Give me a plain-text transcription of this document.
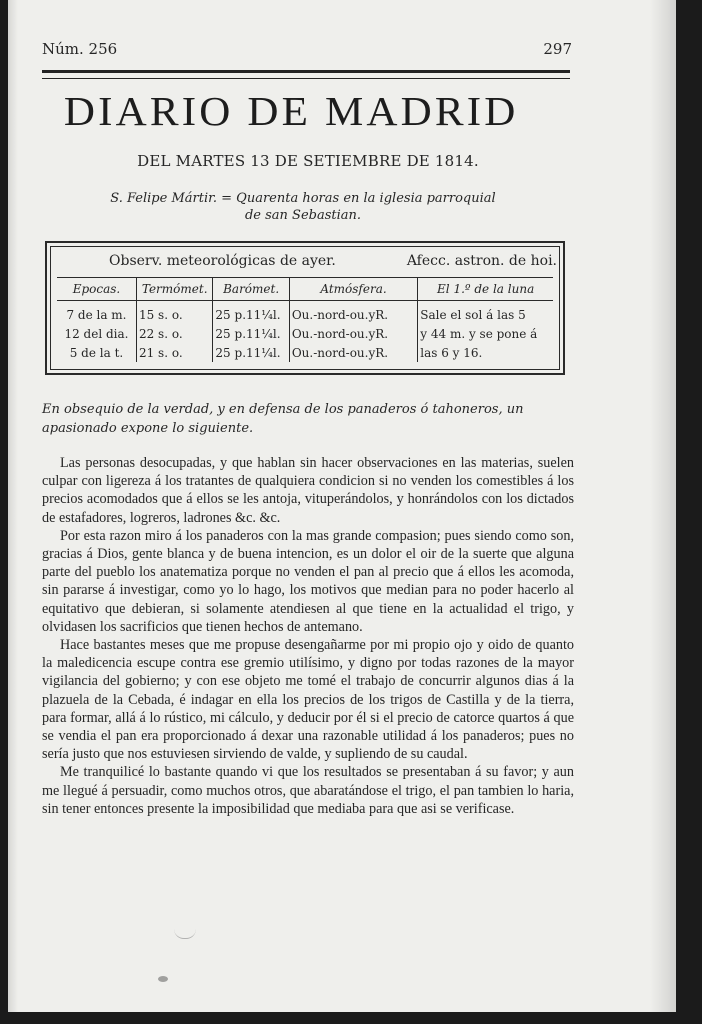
Núm. 256	297
DIARIO DE MADRID
DEL MARTES 13 DE SETIEMBRE DE 1814.
S. Felipe Mártir. = Quarenta horas en la iglesia parroquial
de san Sebastian.
Observ. meteorológicas de ayer.	Afecc. astron. de hoi.
Epocas.	Termómet.	Barómet.	Atmósfera.	El 1.º de la luna
7 de la m.	15 s. o.	25 p.11¼l.	Ou.-nord-ou.yR.	Sale el sol á las 5
12 del dia.	22 s. o.	25 p.11¼l.	Ou.-nord-ou.yR.	y 44 m. y se pone á
5 de la t.	21 s. o.	25 p.11¼l.	Ou.-nord-ou.yR.	las 6 y 16.
En obsequio de la verdad, y en defensa de los panaderos ó tahoneros, un apasionado expone lo siguiente.

Las personas desocupadas, y que hablan sin hacer observaciones en las materias, suelen culpar con ligereza á los tratantes de qualquiera condicion si no venden los comestibles á los precios acomodados que á ellos se les antoja, vituperándolos, y honrándolos con los dictados de estafadores, logreros, ladrones &c. &c.

Por esta razon miro á los panaderos con la mas grande compasion; pues siendo como son, gracias á Dios, gente blanca y de buena intencion, es un dolor el oir de la suerte que alguna parte del pueblo los anatematiza porque no venden el pan al precio que á ellos les acomoda, sin pararse á investigar, como yo lo hago, los motivos que median para no poder hacerlo al equitativo que debieran, si solamente atendiesen al que tiene en la actualidad el trigo, y olvidasen los sacrificios que tienen hechos de antemano.

Hace bastantes meses que me propuse desengañarme por mi propio ojo y oido de quanto la maledicencia escupe contra ese gremio utilísimo, y digno por todas razones de la mayor vigilancia del gobierno; y con ese objeto me tomé el trabajo de concurrir algunos dias á la plazuela de la Cebada, é indagar en ella los precios de los trigos de Castilla y de la tierra, para formar, allá á lo rústico, mi cálculo, y deducir por él si el precio de catorce quartos á que se vendia el pan era proporcionado á dexar una razonable utilidad á los panaderos; pues no sería justo que nos estuviesen sirviendo de valde, y supliendo de su caudal.

Me tranquilicé lo bastante quando vi que los resultados se presentaban á su favor; y aun me llegué á persuadir, como muchos otros, que abaratándose el trigo, el pan tambien lo haria, sin tener entonces presente la imposibilidad que mediaba para que asi se verificase.
